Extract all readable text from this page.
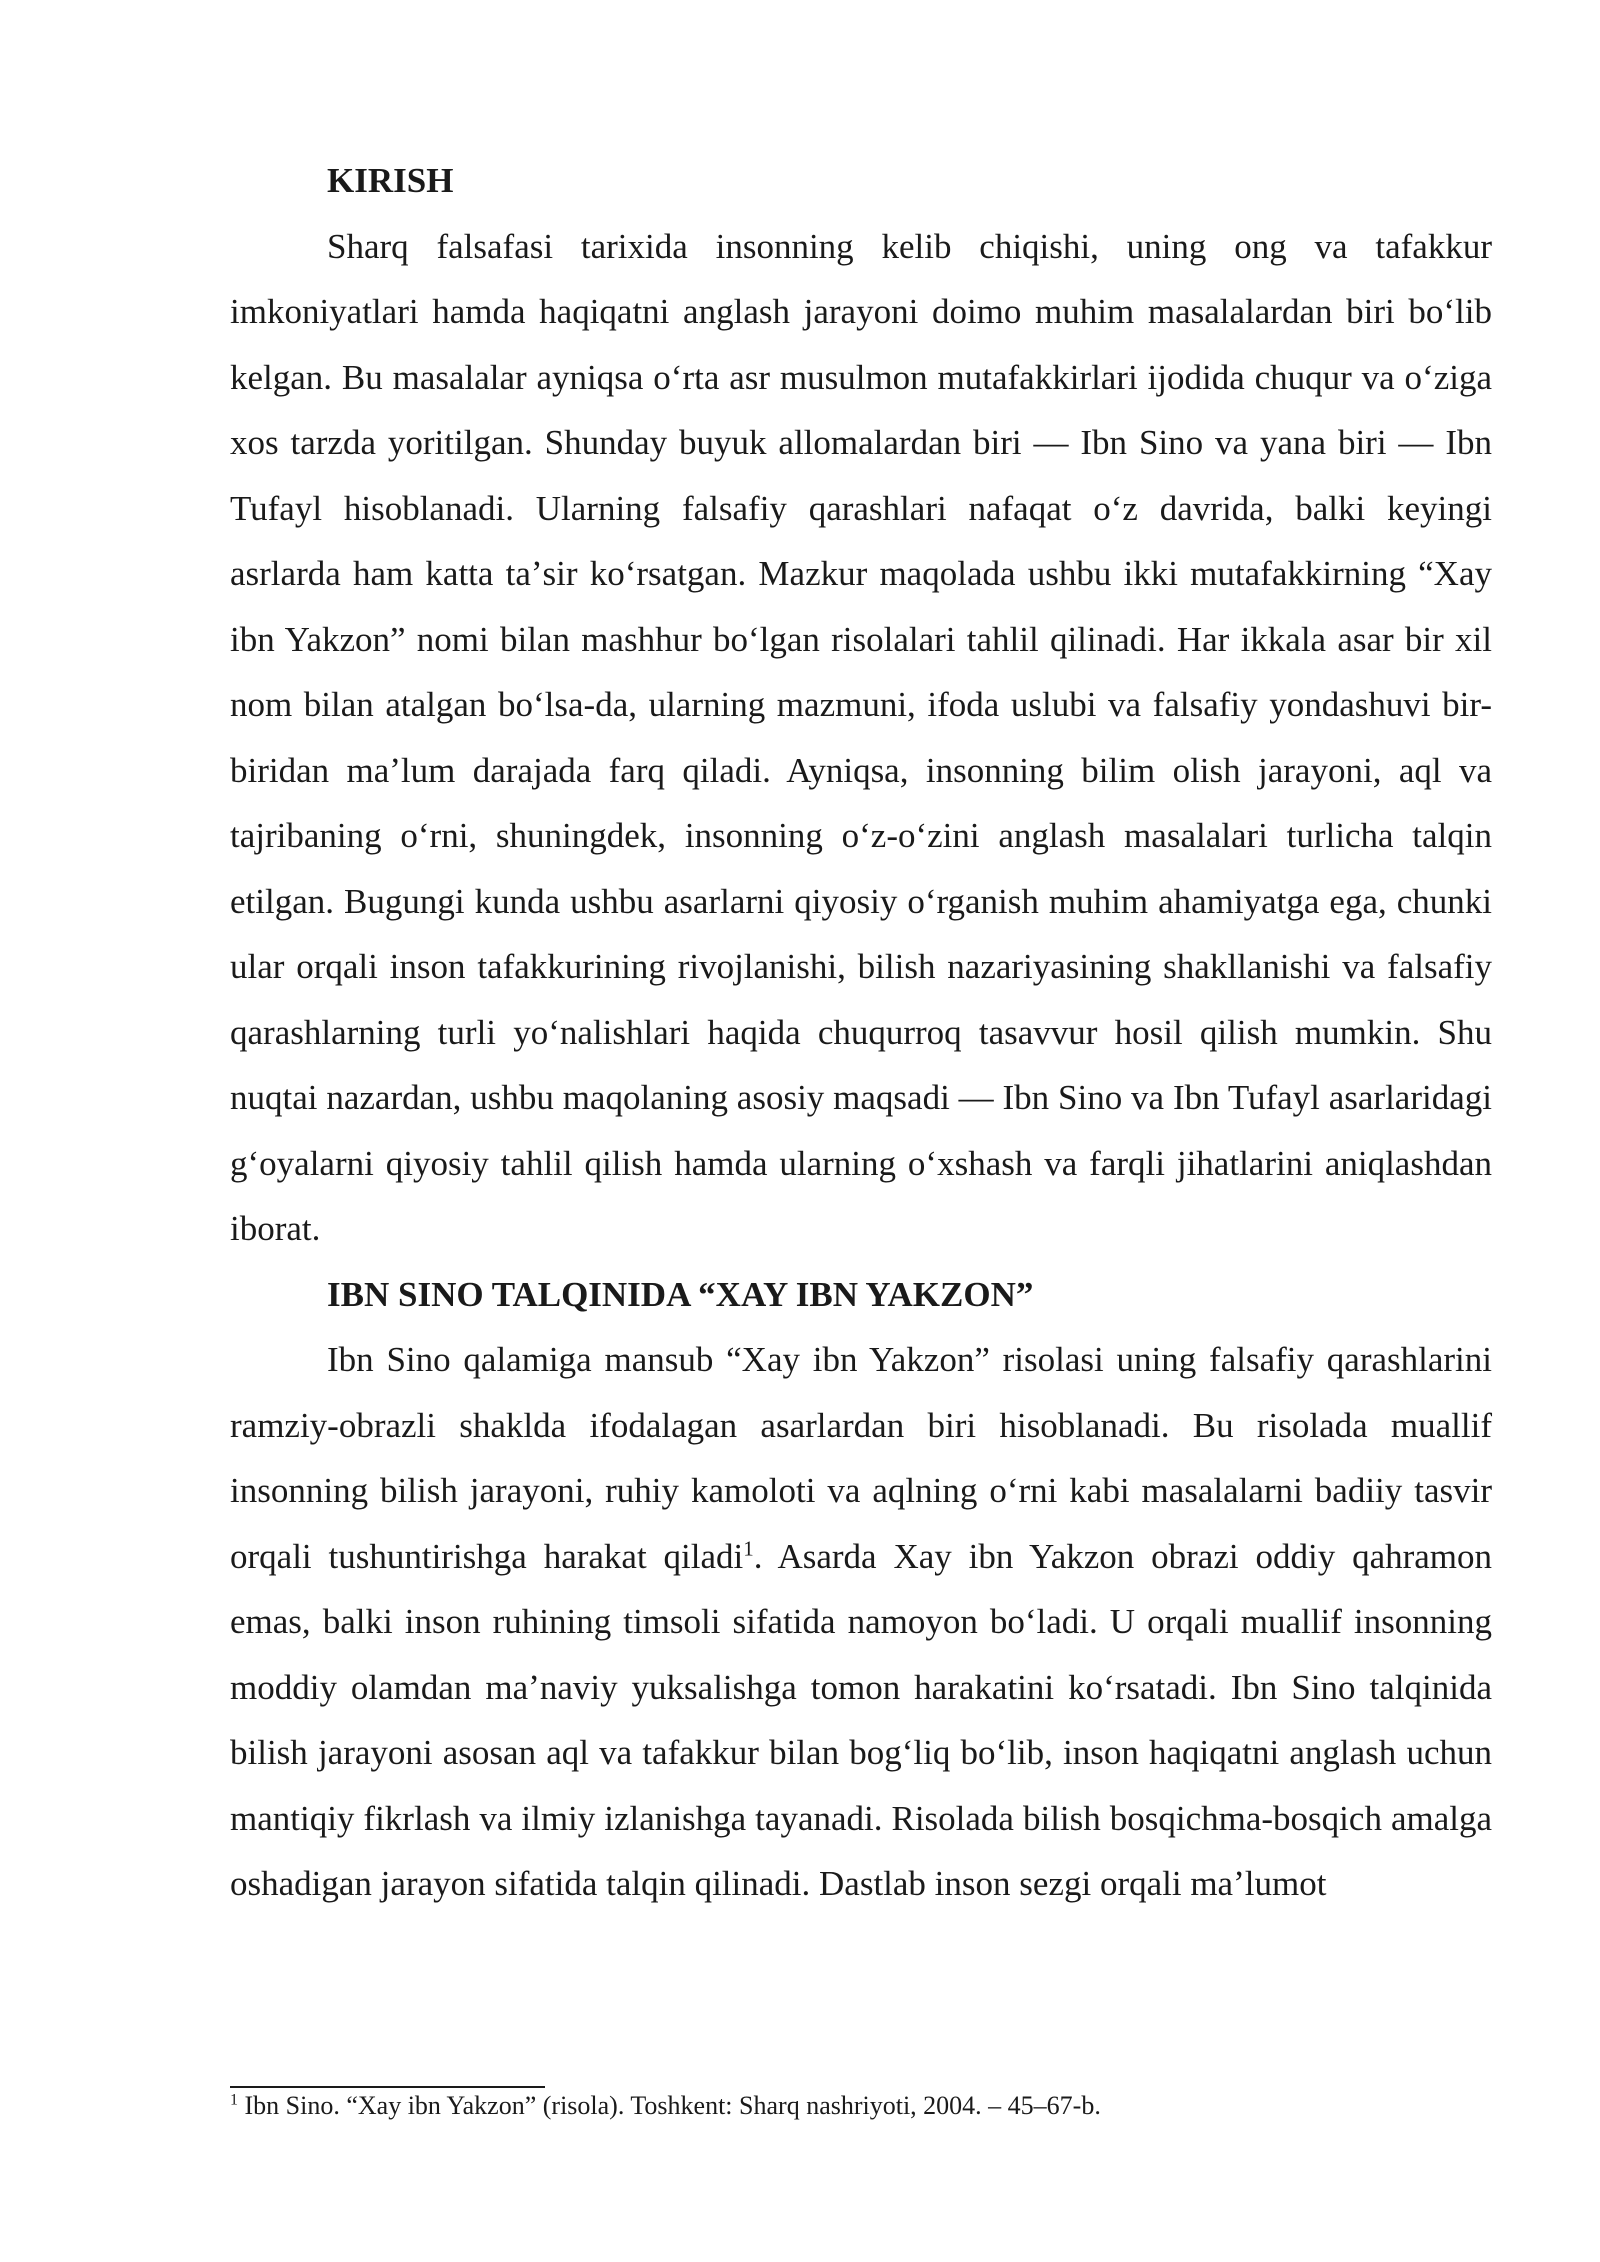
KIRISH

Sharq falsafasi tarixida insonning kelib chiqishi, uning ong va tafakkur imkoniyatlari hamda haqiqatni anglash jarayoni doimo muhim masalalardan biri boʻlib kelgan. Bu masalalar ayniqsa oʻrta asr musulmon mutafakkirlari ijodida chuqur va oʻziga xos tarzda yoritilgan. Shunday buyuk allomalardan biri — Ibn Sino va yana biri — Ibn Tufayl hisoblanadi. Ularning falsafiy qarashlari nafaqat oʻz davrida, balki keyingi asrlarda ham katta taʼsir koʻrsatgan. Mazkur maqolada ushbu ikki mutafakkirning “Xay ibn Yakzon” nomi bilan mashhur boʻlgan risolalari tahlil qilinadi. Har ikkala asar bir xil nom bilan atalgan boʻlsa-da, ularning mazmuni, ifoda uslubi va falsafiy yondashuvi bir-biridan maʼlum darajada farq qiladi. Ayniqsa, insonning bilim olish jarayoni, aql va tajribaning oʻrni, shuningdek, insonning oʻz-oʻzini anglash masalalari turlicha talqin etilgan. Bugungi kunda ushbu asarlarni qiyosiy oʻrganish muhim ahamiyatga ega, chunki ular orqali inson tafakkurining rivojlanishi, bilish nazariyasining shakllanishi va falsafiy qarashlarning turli yoʻnalishlari haqida chuqurroq tasavvur hosil qilish mumkin. Shu nuqtai nazardan, ushbu maqolaning asosiy maqsadi — Ibn Sino va Ibn Tufayl asarlaridagi gʻoyalarni qiyosiy tahlil qilish hamda ularning oʻxshash va farqli jihatlarini aniqlashdan iborat.

IBN SINO TALQINIDA “XAY IBN YAKZON”

Ibn Sino qalamiga mansub “Xay ibn Yakzon” risolasi uning falsafiy qarashlarini ramziy-obrazli shaklda ifodalagan asarlardan biri hisoblanadi. Bu risolada muallif insonning bilish jarayoni, ruhiy kamoloti va aqlning oʻrni kabi masalalarni badiiy tasvir orqali tushuntirishga harakat qiladi$^1$. Asarda Xay ibn Yakzon obrazi oddiy qahramon emas, balki inson ruhining timsoli sifatida namoyon boʻladi. U orqali muallif insonning moddiy olamdan maʼnaviy yuksalishga tomon harakatini koʻrsatadi. Ibn Sino talqinida bilish jarayoni asosan aql va tafakkur bilan bogʻliq boʻlib, inson haqiqatni anglash uchun mantiqiy fikrlash va ilmiy izlanishga tayanadi. Risolada bilish bosqichma-bosqich amalga oshadigan jarayon sifatida talqin qilinadi. Dastlab inson sezgi orqali maʼlumot

$^1$ Ibn Sino. “Xay ibn Yakzon” (risola). Toshkent: Sharq nashriyoti, 2004. – 45–67-b.
